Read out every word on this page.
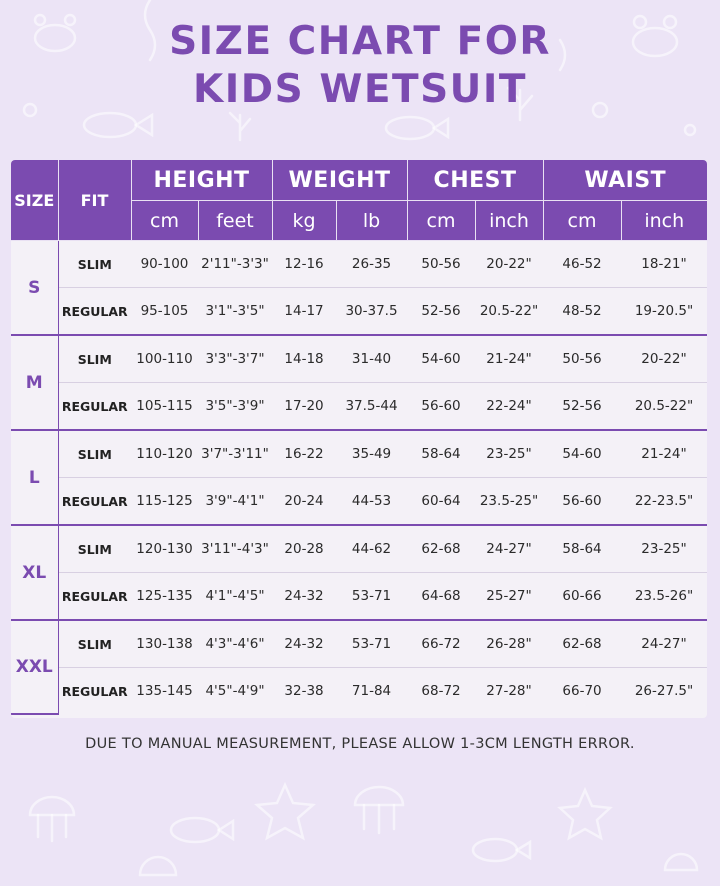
SIZE CHART FOR
KIDS WETSUIT
SIZE	FIT	HEIGHT		WEIGHT		CHEST		WAIST	
		cm	feet	kg	lb	cm	inch	cm	inch
S	SLIM	90-100	2'11"-3'3"	12-16	26-35	50-56	20-22"	46-52	18-21"
	REGULAR	95-105	3'1"-3'5"	14-17	30-37.5	52-56	20.5-22"	48-52	19-20.5"
M	SLIM	100-110	3'3"-3'7"	14-18	31-40	54-60	21-24"	50-56	20-22"
	REGULAR	105-115	3'5"-3'9"	17-20	37.5-44	56-60	22-24"	52-56	20.5-22"
L	SLIM	110-120	3'7"-3'11"	16-22	35-49	58-64	23-25"	54-60	21-24"
	REGULAR	115-125	3'9"-4'1"	20-24	44-53	60-64	23.5-25"	56-60	22-23.5"
XL	SLIM	120-130	3'11"-4'3"	20-28	44-62	62-68	24-27"	58-64	23-25"
	REGULAR	125-135	4'1"-4'5"	24-32	53-71	64-68	25-27"	60-66	23.5-26"
XXL	SLIM	130-138	4'3"-4'6"	24-32	53-71	66-72	26-28"	62-68	24-27"
	REGULAR	135-145	4'5"-4'9"	32-38	71-84	68-72	27-28"	66-70	26-27.5"
DUE TO MANUAL MEASUREMENT, PLEASE ALLOW 1-3CM LENGTH ERROR.
